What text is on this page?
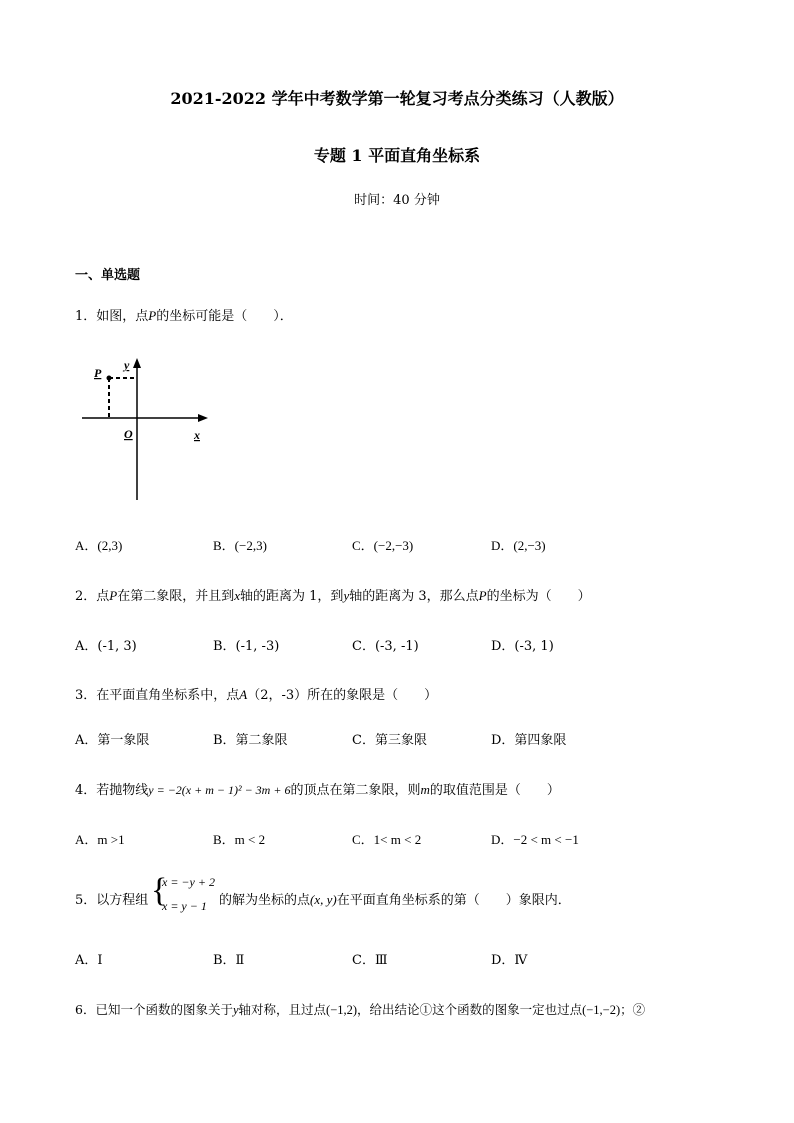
2021-2022 学年中考数学第一轮复习考点分类练习（人教版）
专题 1 平面直角坐标系
时间：40 分钟
一、单选题
1．如图，点P的坐标可能是（　　）．
P
y
O	x
A．(2,3)	B．(−2,3)	C．(−2,−3)	D．(2,−3)
2．点P在第二象限，并且到x轴的距离为 1，到y轴的距离为 3，那么点P的坐标为（　　）
A．(-1, 3)	B．(-1, -3)	C．(-3, -1)	D．(-3, 1)
3．在平面直角坐标系中，点A（2，-3）所在的象限是（　　）
A．第一象限	B．第二象限	C．第三象限	D．第四象限
4．若抛物线y = −2(x + m − 1)² − 3m + 6的顶点在第二象限，则m的取值范围是（　　）
A．m >1	B．m < 2	C．1< m < 2	D．−2 < m < −1
5．以方程组 {
x = −y + 2
x = y − 1 的解为坐标的点(x, y)在平面直角坐标系的第（　　）象限内．
A．Ⅰ	B．Ⅱ	C．Ⅲ	D．Ⅳ
6．已知一个函数的图象关于y轴对称，且过点(−1,2)，给出结论①这个函数的图象一定也过点(−1,−2)；②
